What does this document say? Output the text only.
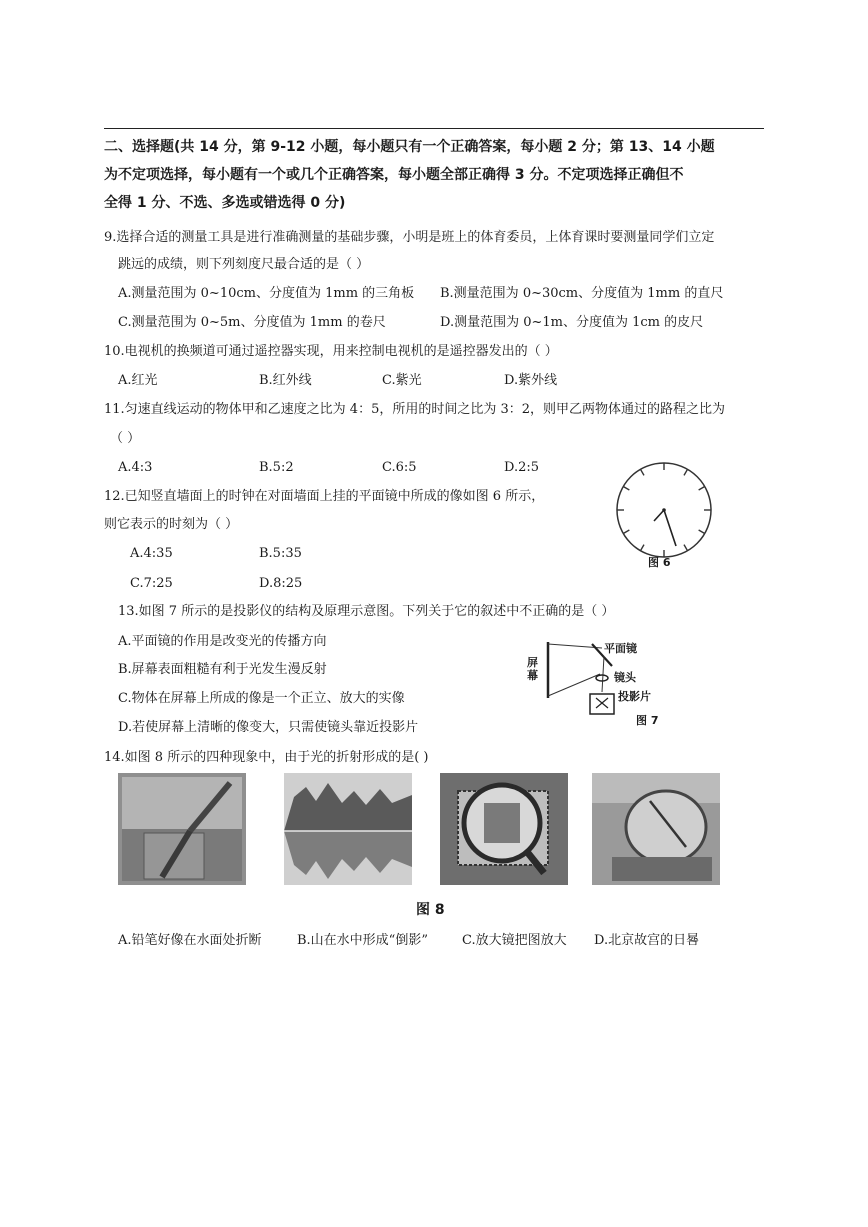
二、选择题(共 14 分，第 9-12 小题，每小题只有一个正确答案，每小题 2 分；第 13、14 小题
为不定项选择，每小题有一个或几个正确答案，每小题全部正确得 3 分。不定项选择正确但不
全得 1 分、不选、多选或错选得 0 分)
9.选择合适的测量工具是进行准确测量的基础步骤，小明是班上的体育委员，上体育课时要测量同学们立定
跳远的成绩，则下列刻度尺最合适的是（ ）
A.测量范围为 0~10cm、分度值为 1mm 的三角板 B.测量范围为 0~30cm、分度值为 1mm 的直尺
C.测量范围为 0~5m、分度值为 1mm 的卷尺	D.测量范围为 0~1m、分度值为 1cm 的皮尺
10.电视机的换频道可通过遥控器实现，用来控制电视机的是遥控器发出的（ ）
A.红光	B.红外线	C.紫光	D.紫外线
11.匀速直线运动的物体甲和乙速度之比为 4：5，所用的时间之比为 3：2，则甲乙两物体通过的路程之比为
（ ）
A.4:3	B.5:2	C.6:5	D.2:5
12.已知竖直墙面上的时钟在对面墙面上挂的平面镜中所成的像如图 6 所示，
则它表示的时刻为（ ）
A.4:35	B.5:35
C.7:25	D.8:25
图 6
13.如图 7 所示的是投影仪的结构及原理示意图。下列关于它的叙述中不正确的是（ ）
A.平面镜的作用是改变光的传播方向
B.屏幕表面粗糙有利于光发生漫反射
C.物体在屏幕上所成的像是一个正立、放大的实像
D.若使屏幕上清晰的像变大，只需使镜头靠近投影片
屏幕
平面镜
镜头
投影片
图 7
14.如图 8 所示的四种现象中，由于光的折射形成的是( )
图 8
A.铅笔好像在水面处折断	B.山在水中形成“倒影”	C.放大镜把图放大 D.北京故宫的日晷
